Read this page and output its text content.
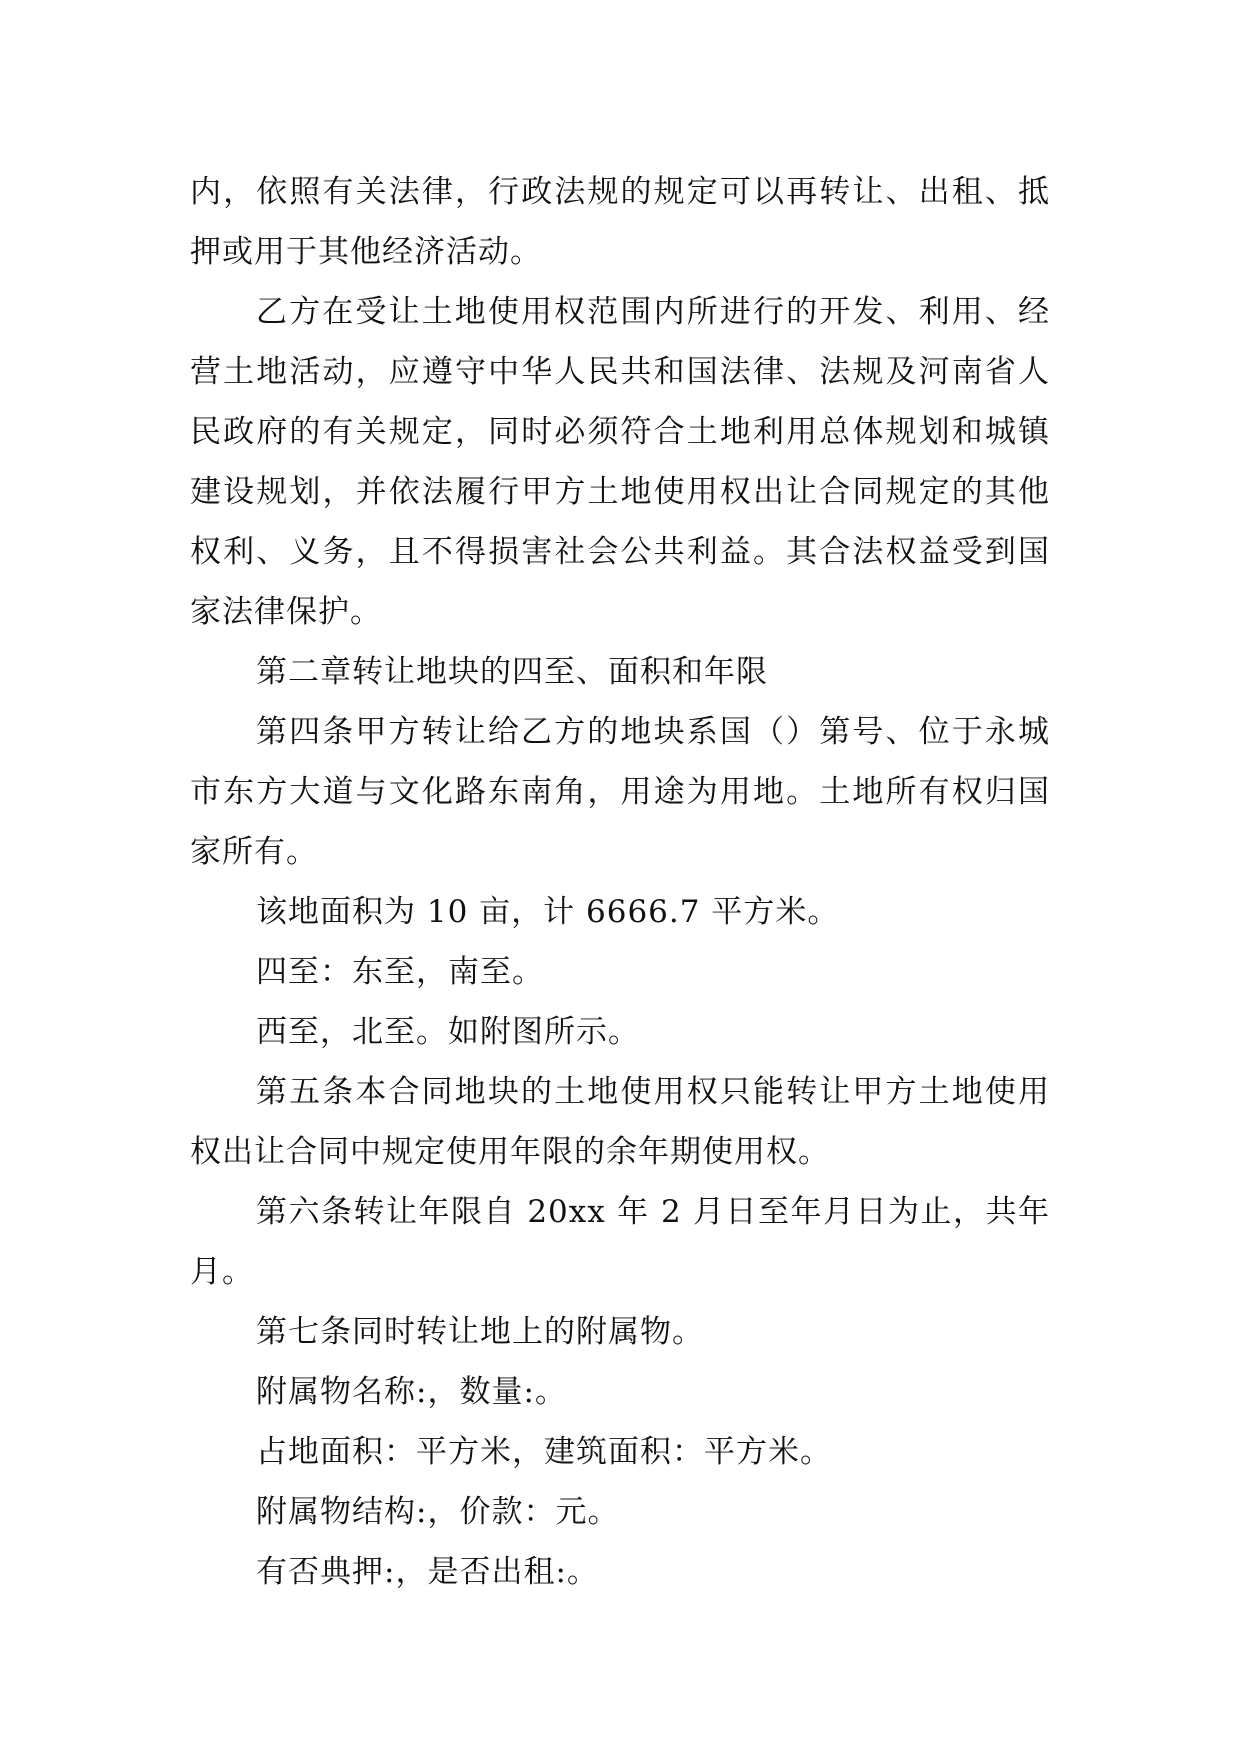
内，依照有关法律，行政法规的规定可以再转让、出租、抵押或用于其他经济活动。

乙方在受让土地使用权范围内所进行的开发、利用、经营土地活动，应遵守中华人民共和国法律、法规及河南省人民政府的有关规定，同时必须符合土地利用总体规划和城镇建设规划，并依法履行甲方土地使用权出让合同规定的其他权利、义务，且不得损害社会公共利益。其合法权益受到国家法律保护。

第二章转让地块的四至、面积和年限

第四条甲方转让给乙方的地块系国（）第号、位于永城市东方大道与文化路东南角，用途为用地。土地所有权归国家所有。

该地面积为 10 亩，计 6666.7 平方米。

四至：东至，南至。

西至，北至。如附图所示。

第五条本合同地块的土地使用权只能转让甲方土地使用权出让合同中规定使用年限的余年期使用权。

第六条转让年限自 20xx 年 2 月日至年月日为止，共年月。

第七条同时转让地上的附属物。

附属物名称:，数量:。

占地面积：平方米，建筑面积：平方米。

附属物结构:，价款：元。

有否典押:，是否出租:。
